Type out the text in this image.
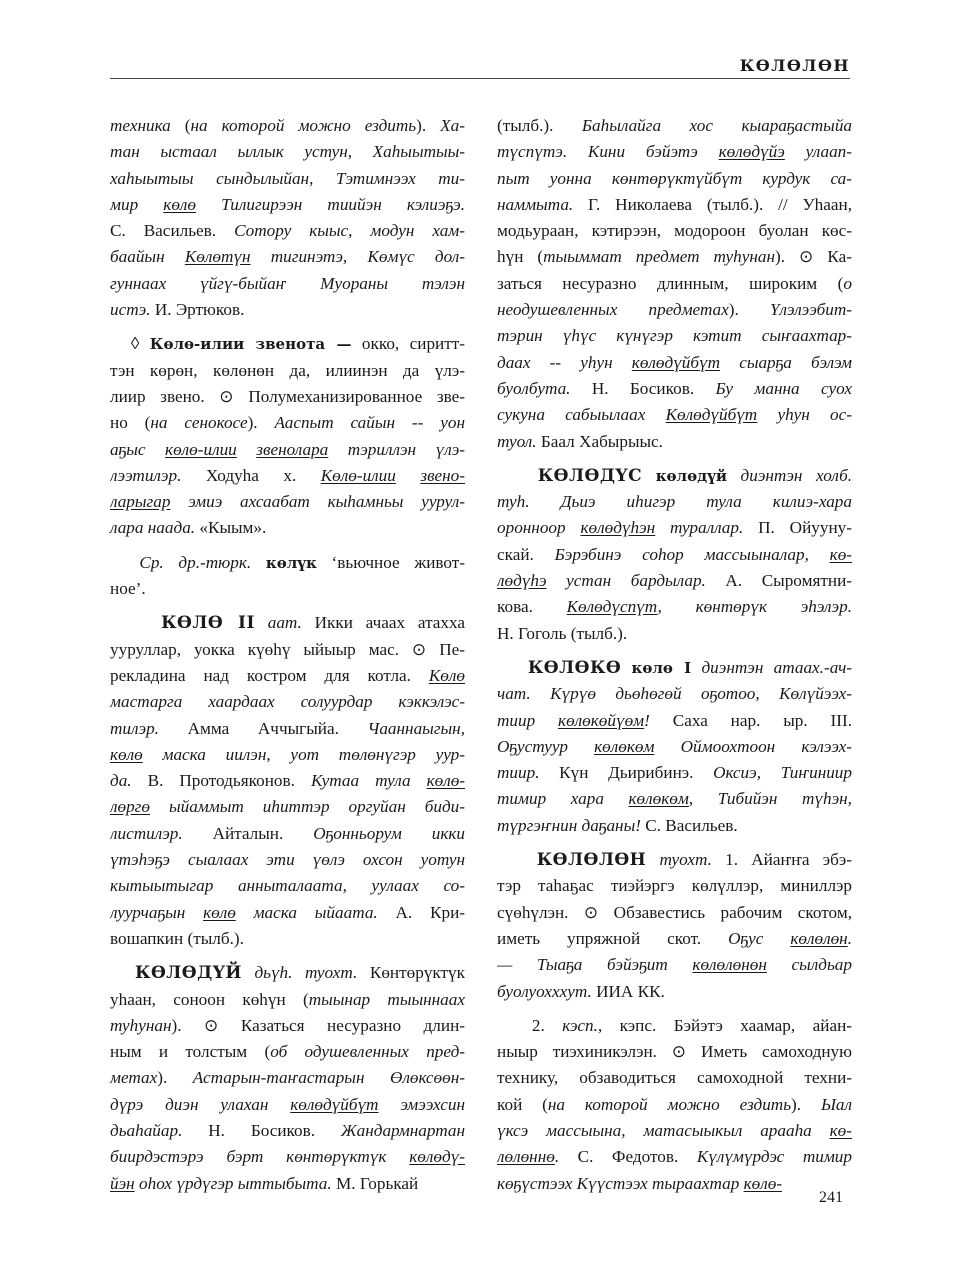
КӨЛӨЛӨН
техника (на которой можно ездить). Ха-
тан ыстаал ыллык устун, Хаһыытыы-
хаһыытыы сындылыйан, Тэтимнээх ти-
мир көлө Тилигирээн тиийэн кэлиэҕэ.
С. Васильев. Сотору кыыс, модун хам-
баайын Көлөтүн тигинэтэ, Көмүс дол-
гуннаах үйгү-быйаҥ Муораны тэлэн
истэ. И. Эртюков.
◊ Көлө-илии звенота — окко, сиритт-
тэн көрөн, көлөнөн да, илиинэн да үлэ-
лиир звено. ⊙ Полумеханизированное зве-
но (на сенокосе). Ааспыт сайын -- уон
аҕыс көлө-илии звенолара тэриллэн үлэ-
лээтилэр. Ходуһа х. Көлө-илии звено-
ларыгар эмиэ ахсаабат кыһамньы уурул-
лара наада. «Кыым».
Ср. др.-тюрк. көлүк ‘вьючное живот-
ное’.
КӨЛӨ II аат. Икки ачаах атахха
ууруллар, уокка күөһү ыйыыр мас. ⊙ Пе-
рекладина над костром для котла. Көлө
мастарга хаардаах солуурдар кэккэлэс-
тилэр. Амма Аччыгыйа. Чааннаыгын,
көлө маска иилэн, уот төлөнүгэр уур-
да. В. Протодьяконов. Кутаа тула көлө-
лөргө ыйаммыт иһиттэр оргуйан биди-
листилэр. Айталын. Оҕонньорум икки
үтэһэҕэ сыалаах эти үөлэ охсон уотун
кытыытыгар анныталаата, уулаах со-
луурчаҕын көлө маска ыйаата. А. Кри-
вошапкин (тылб.).
КӨЛӨДҮЙ дьүһ. туохт. Көнтөрүктүк
уһаан, соноон көһүн (тыынар тыыннаах
туһунан). ⊙ Казаться несуразно длин-
ным и толстым (об одушевленных пред-
метах). Астарын-таҥастарын Өлөксөөн-
дүрэ диэн улахан көлөдүйбүт эмээхсин
дьаһайар. Н. Босиков. Жандармнартан
биирдэстэрэ бэрт көнтөрүктүк көлөдү-
йэн оһох үрдүгэр ыттыбыта. М. Горькай
(тылб.). Баһылайга хос кыараҕастыйа
түспүтэ. Кини бэйэтэ көлөдүйэ улаап-
пыт уонна көнтөрүктүйбүт курдук са-
наммыта. Г. Николаева (тылб.). // Уһаан,
модьураан, кэтирээн, модороон буолан көс-
һүн (тыыммат предмет туһунан). ⊙ Ка-
заться несуразно длинным, широким (о
неодушевленных предметах). Үлэлээбит-
тэрин үһүс күнүгэр кэтит сыҥаахтар-
даах -- уһун көлөдүйбүт сыарҕа бэлэм
буолбута. Н. Босиков. Бу манна суох
сукуна сабыылаах Көлөдүйбүт уһун ос-
туол. Баал Хабырыыс.
КӨЛӨДҮС көлөдүй диэнтэн холб.
туһ. Дьиэ иһигэр тула килиэ-хара
оронноор көлөдүһэн тураллар. П. Ойууну-
скай. Бэрэбинэ соһор массыыналар, кө-
лөдүһэ устан бардылар. А. Сыромятни-
кова. Көлөдүспүт, көнтөрүк эһэлэр.
Н. Гоголь (тылб.).
КӨЛӨКӨ көлө I диэнтэн атаах.-ач-
чат. Күрүө дьөһөгөй оҕотоо, Көлүйээх-
тиир көлөкөйүөм! Саха нар. ыр. III.
Оҕустуур көлөкөм Оймоохтоон кэлээх-
тиир. Күн Дьирибинэ. Оксиэ, Тиҥиниир
тимир хара көлөкөм, Тибийэн түһэн,
түргэҥнин даҕаны! С. Васильев.
КӨЛӨЛӨН туохт. 1. Айаҥҥа эбэ-
тэр таһаҕас тиэйэргэ көлүллэр, миниллэр
сүөһүлэн. ⊙ Обзавестись рабочим скотом,
иметь упряжной скот. Оҕус көлөлөн.
— Тыаҕа бэйэҕит көлөлөнөн сылдьар
буолуохххут. ИИА КК.
2. кэсп., кэпс. Бэйэтэ хаамар, айан-
ныыр тиэхиникэлэн. ⊙ Иметь самоходную
технику, обзаводиться самоходной техни-
кой (на которой можно ездить). Ыал
үксэ массыына, матасыыкыл арааһа кө-
лөлөннө. С. Федотов. Күлүмүрдэс тимир
көҕүстээх Күүстээх тыраахтар көлө-
241
